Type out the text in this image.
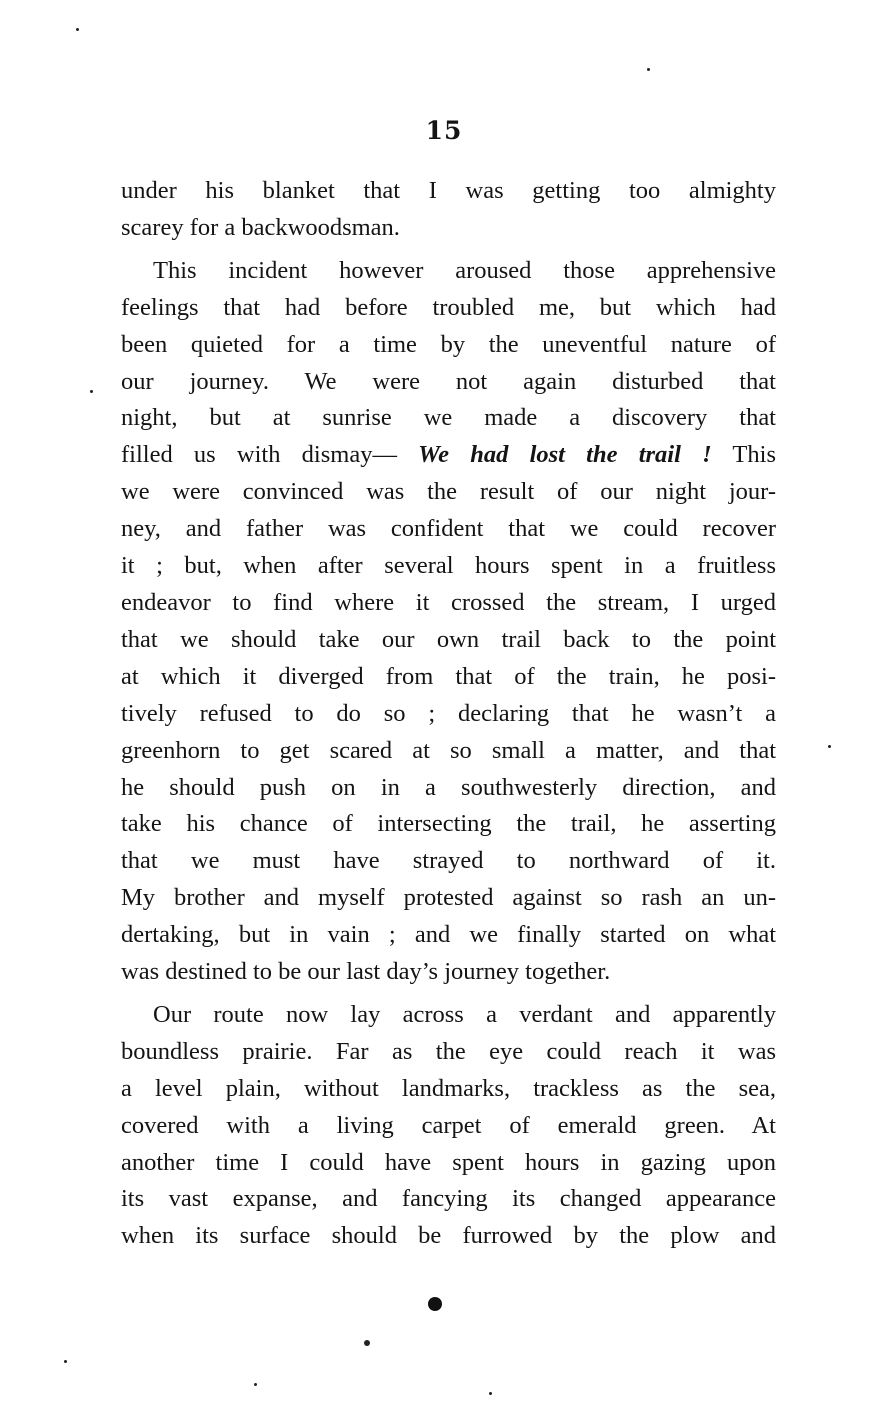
15

under his blanket that I was getting too almighty
scarey for a backwoodsman.

This incident however aroused those apprehensive
feelings that had before troubled me, but which had
been quieted for a time by the uneventful nature of
our journey. We were not again disturbed that
night, but at sunrise we made a discovery that
filled us with dismay— We had lost the trail ! This
we were convinced was the result of our night jour-
ney, and father was confident that we could recover
it ; but, when after several hours spent in a fruitless
endeavor to find where it crossed the stream, I urged
that we should take our own trail back to the point
at which it diverged from that of the train, he posi-
tively refused to do so ; declaring that he wasn’t a
greenhorn to get scared at so small a matter, and that
he should push on in a southwesterly direction, and
take his chance of intersecting the trail, he asserting
that we must have strayed to northward of it.
My brother and myself protested against so rash an un-
dertaking, but in vain ; and we finally started on what
was destined to be our last day’s journey together.

Our route now lay across a verdant and apparently
boundless prairie. Far as the eye could reach it was
a level plain, without landmarks, trackless as the sea,
covered with a living carpet of emerald green. At
another time I could have spent hours in gazing upon
its vast expanse, and fancying its changed appearance
when its surface should be furrowed by the plow and
